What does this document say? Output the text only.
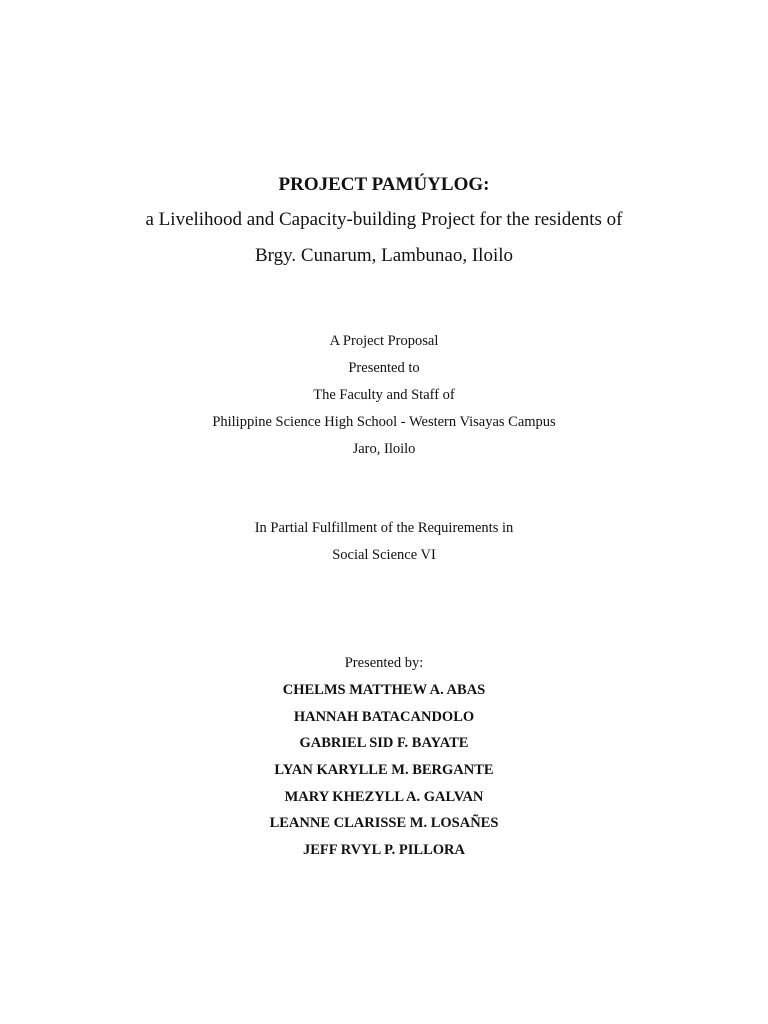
PROJECT PAMÚYLOG:
a Livelihood and Capacity-building Project for the residents of
Brgy. Cunarum, Lambunao, Iloilo
A Project Proposal
Presented to
The Faculty and Staff of
Philippine Science High School - Western Visayas Campus
Jaro, Iloilo
In Partial Fulfillment of the Requirements in
Social Science VI
Presented by:
CHELMS MATTHEW A. ABAS
HANNAH BATACANDOLO
GABRIEL SID F. BAYATE
LYAN KARYLLE M. BERGANTE
MARY KHEZYLL A. GALVAN
LEANNE CLARISSE M. LOSAÑES
JEFF RVYL P. PILLORA
